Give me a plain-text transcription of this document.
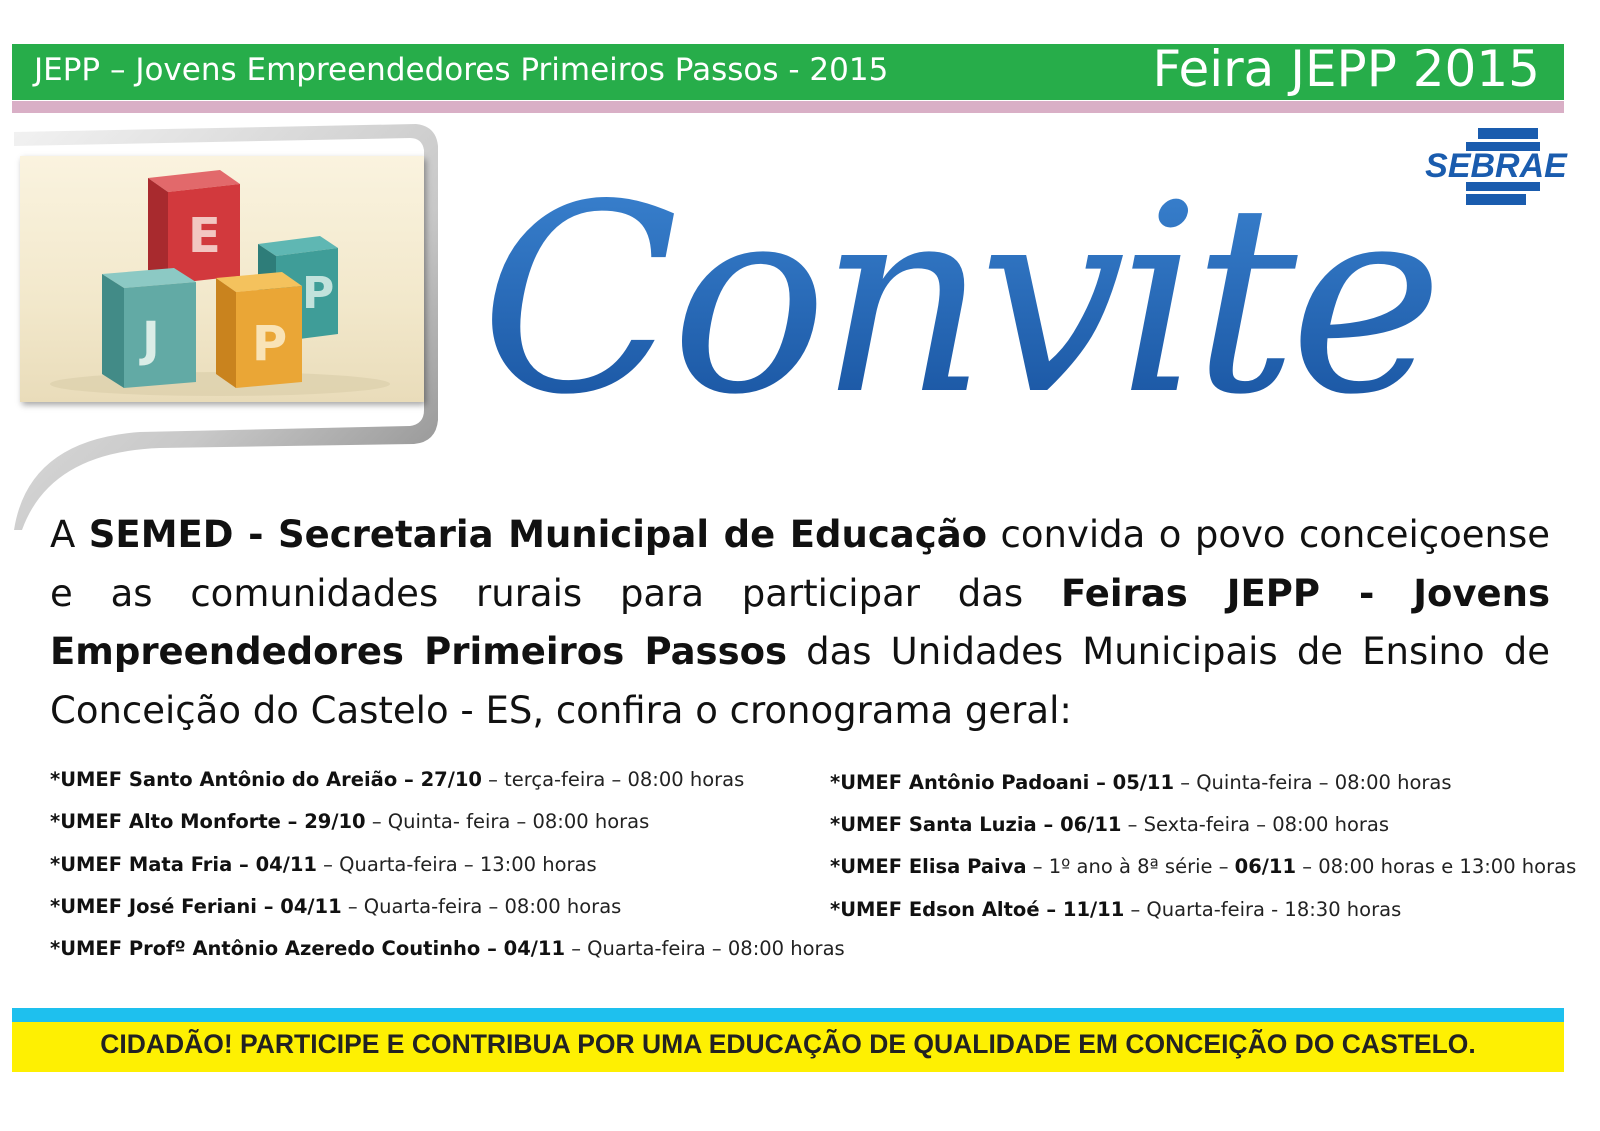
JEPP – Jovens Empreendedores Primeiros Passos - 2015	Feira JEPP 2015
P
E
J P
SEBRAE
Convite
A SEMED - Secretaria Municipal de Educação convida o povo conceiçoense e as comunidades rurais para participar das Feiras JEPP - Jovens Empreendedores Primeiros Passos das Unidades Municipais de Ensino de Conceição do Castelo - ES, confira o cronograma geral:
*UMEF Santo Antônio do Areião – 27/10 – terça-feira – 08:00 horas
*UMEF Alto Monforte – 29/10 – Quinta- feira – 08:00 horas
*UMEF Mata Fria – 04/11 – Quarta-feira – 13:00 horas
*UMEF José Feriani – 04/11 – Quarta-feira – 08:00 horas
*UMEF Profº Antônio Azeredo Coutinho – 04/11 – Quarta-feira – 08:00 horas
*UMEF Antônio Padoani – 05/11 – Quinta-feira – 08:00 horas
*UMEF Santa Luzia – 06/11 – Sexta-feira – 08:00 horas
*UMEF Elisa Paiva – 1º ano à 8ª série – 06/11 – 08:00 horas e 13:00 horas
*UMEF Edson Altoé – 11/11 – Quarta-feira - 18:30 horas
CIDADÃO! PARTICIPE E CONTRIBUA POR UMA EDUCAÇÃO DE QUALIDADE EM CONCEIÇÃO DO CASTELO.
